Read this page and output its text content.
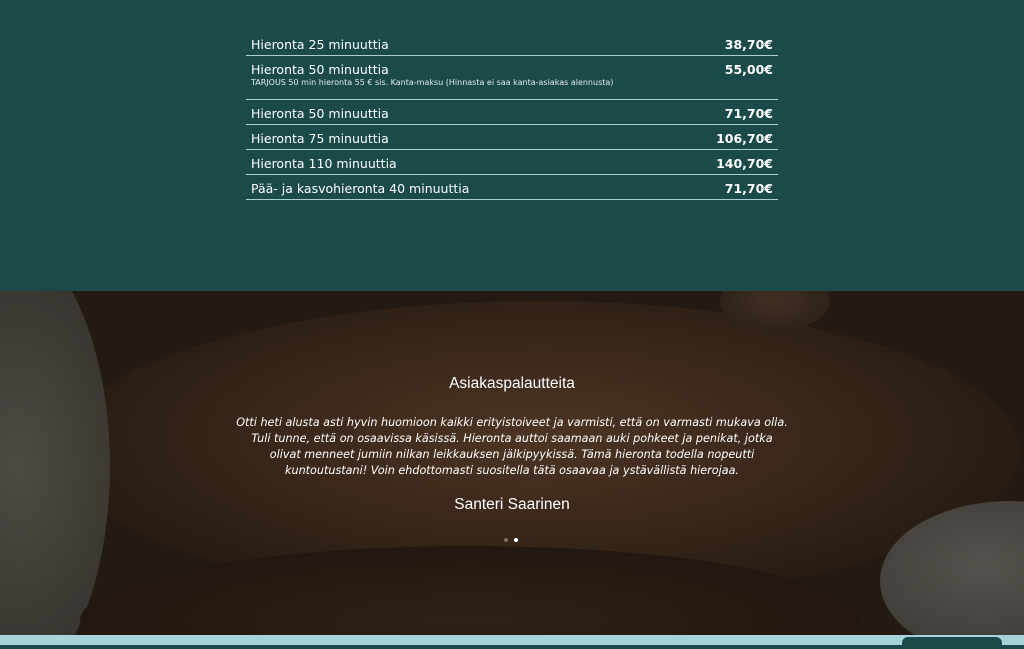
Hieronta 25 minuuttia	38,70€
Hieronta 50 minuuttia	55,00€
TARJOUS 50 min hieronta 55 € sis. Kanta-maksu (Hinnasta ei saa kanta-asiakas alennusta)
Hieronta 50 minuuttia	71,70€
Hieronta 75 minuuttia	106,70€
Hieronta 110 minuuttia	140,70€
Pää- ja kasvohieronta 40 minuuttia	71,70€
Asiakaspalautteita
Otti heti alusta asti hyvin huomioon kaikki erityistoiveet ja varmisti, että on varmasti mukava olla. Tuli tunne, että on osaavissa käsissä. Hieronta auttoi saamaan auki pohkeet ja penikat, jotka olivat menneet jumiin nilkan leikkauksen jälkipyykissä. Tämä hieronta todella nopeutti kuntoutustani! Voin ehdottomasti suositella tätä osaavaa ja ystävällistä hierojaa.
Santeri Saarinen
